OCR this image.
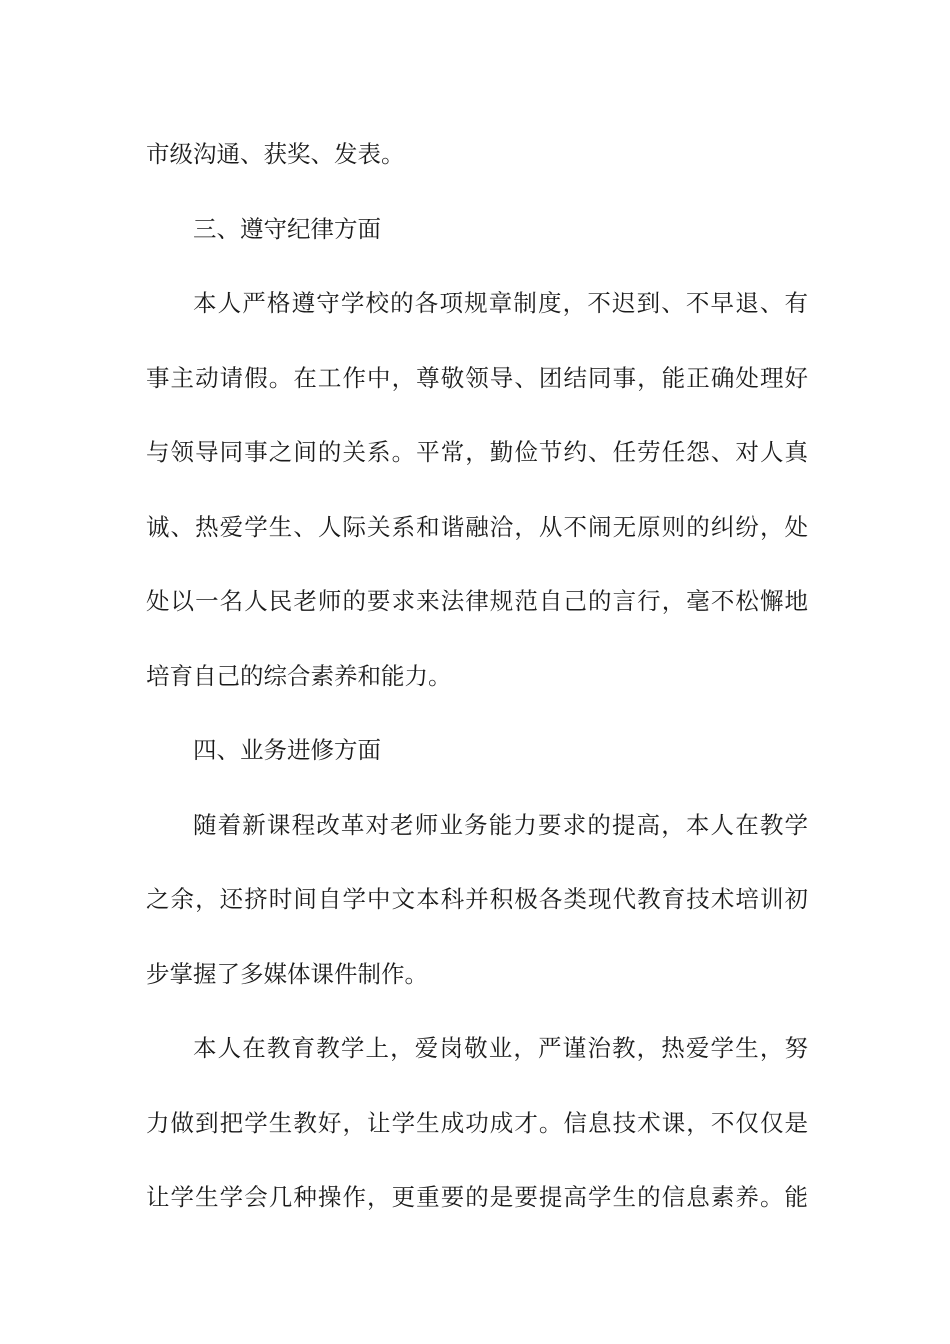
市级沟通、获奖、发表。
三、遵守纪律方面
本人严格遵守学校的各项规章制度，不迟到、不早退、有
事主动请假。在工作中，尊敬领导、团结同事，能正确处理好
与领导同事之间的关系。平常，勤俭节约、任劳任怨、对人真
诚、热爱学生、人际关系和谐融洽，从不闹无原则的纠纷，处
处以一名人民老师的要求来法律规范自己的言行，毫不松懈地
培育自己的综合素养和能力。
四、业务进修方面
随着新课程改革对老师业务能力要求的提高，本人在教学
之余，还挤时间自学中文本科并积极各类现代教育技术培训初
步掌握了多媒体课件制作。
本人在教育教学上，爱岗敬业，严谨治教，热爱学生，努
力做到把学生教好，让学生成功成才。信息技术课，不仅仅是
让学生学会几种操作，更重要的是要提高学生的信息素养。能
